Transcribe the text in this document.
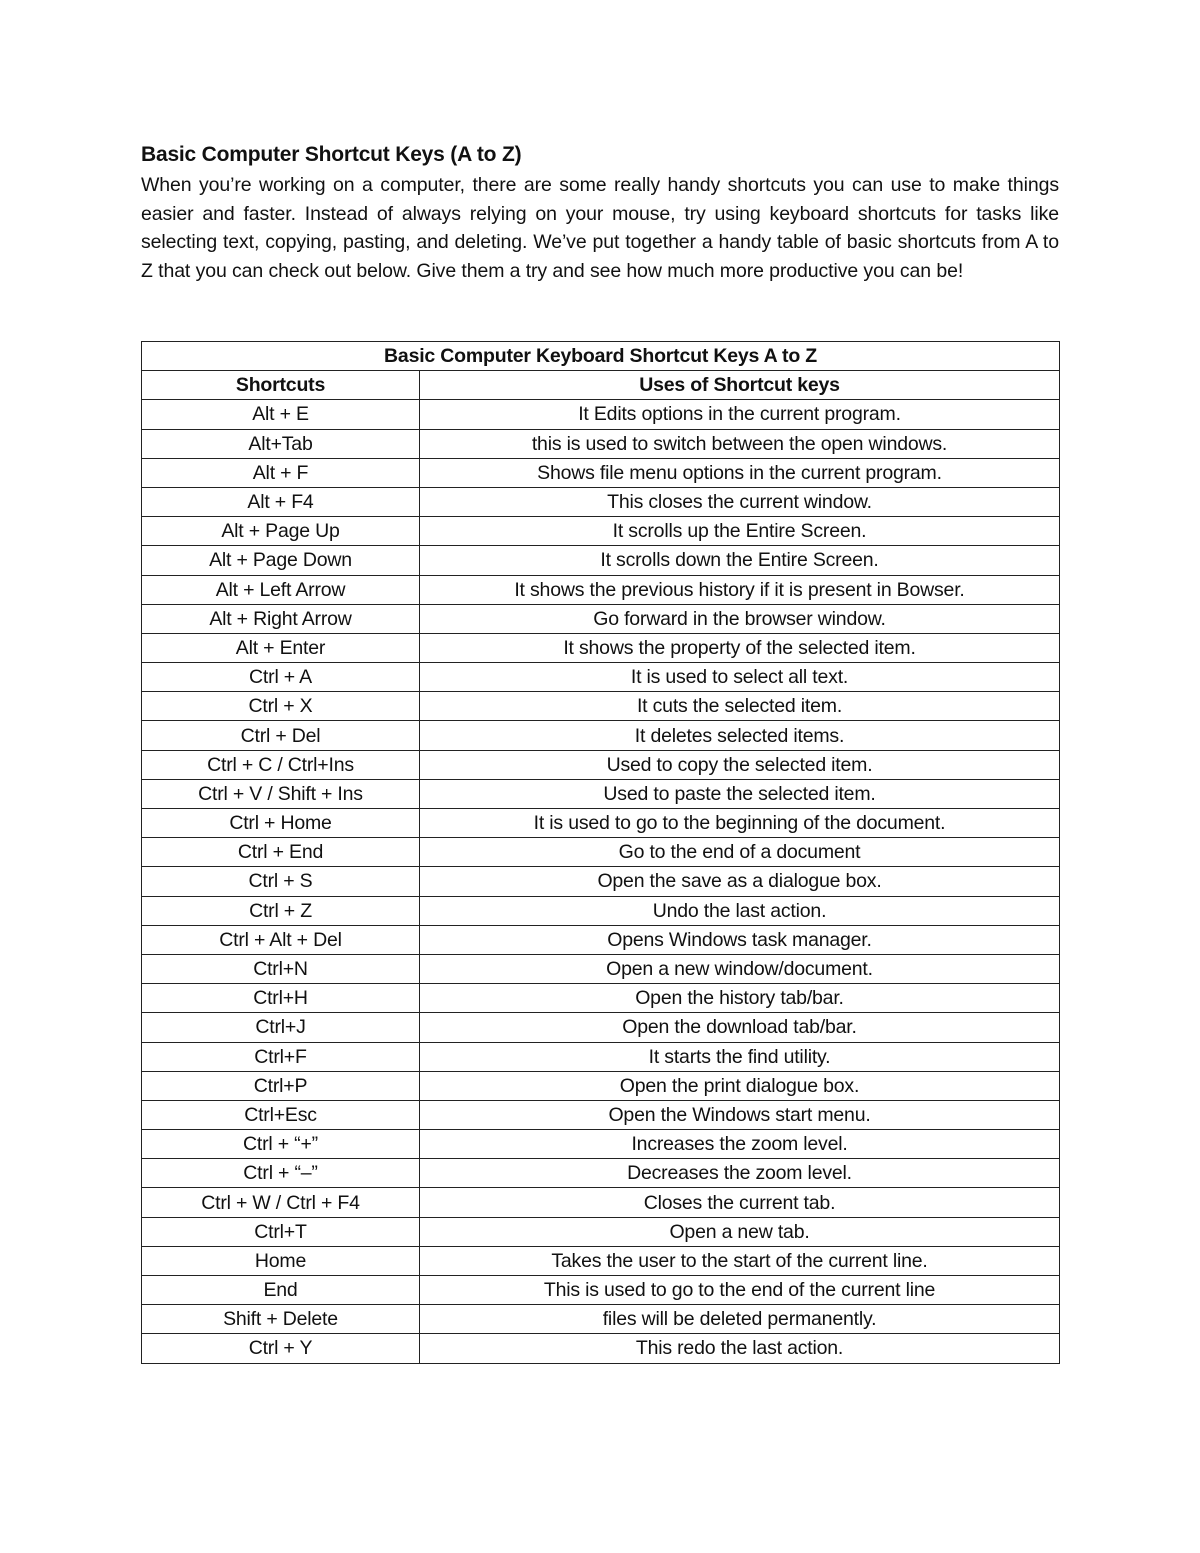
Basic Computer Shortcut Keys (A to Z)

When you’re working on a computer, there are some really handy shortcuts you can use to make things easier and faster. Instead of always relying on your mouse, try using keyboard shortcuts for tasks like selecting text, copying, pasting, and deleting. We’ve put together a handy table of basic shortcuts from A to Z that you can check out below. Give them a try and see how much more productive you can be!

Basic Computer Keyboard Shortcut Keys A to Z	
Shortcuts	Uses of Shortcut keys
Alt + E	It Edits options in the current program.
Alt+Tab	this is used to switch between the open windows.
Alt + F	Shows file menu options in the current program.
Alt + F4	This closes the current window.
Alt + Page Up	It scrolls up the Entire Screen.
Alt + Page Down	It scrolls down the Entire Screen.
Alt + Left Arrow	It shows the previous history if it is present in Bowser.
Alt + Right Arrow	Go forward in the browser window.
Alt + Enter	It shows the property of the selected item.
Ctrl + A	It is used to select all text.
Ctrl + X	It cuts the selected item.
Ctrl + Del	It deletes selected items.
Ctrl + C / Ctrl+Ins	Used to copy the selected item.
Ctrl + V / Shift + Ins	Used to paste the selected item.
Ctrl + Home	It is used to go to the beginning of the document.
Ctrl + End	Go to the end of a document
Ctrl + S	Open the save as a dialogue box.
Ctrl + Z	Undo the last action.
Ctrl + Alt + Del	Opens Windows task manager.
Ctrl+N	Open a new window/document.
Ctrl+H	Open the history tab/bar.
Ctrl+J	Open the download tab/bar.
Ctrl+F	It starts the find utility.
Ctrl+P	Open the print dialogue box.
Ctrl+Esc	Open the Windows start menu.
Ctrl + “+”	Increases the zoom level.
Ctrl + “–”	Decreases the zoom level.
Ctrl + W / Ctrl + F4	Closes the current tab.
Ctrl+T	Open a new tab.
Home	Takes the user to the start of the current line.
End	This is used to go to the end of the current line
Shift + Delete	files will be deleted permanently.
Ctrl + Y	This redo the last action.
